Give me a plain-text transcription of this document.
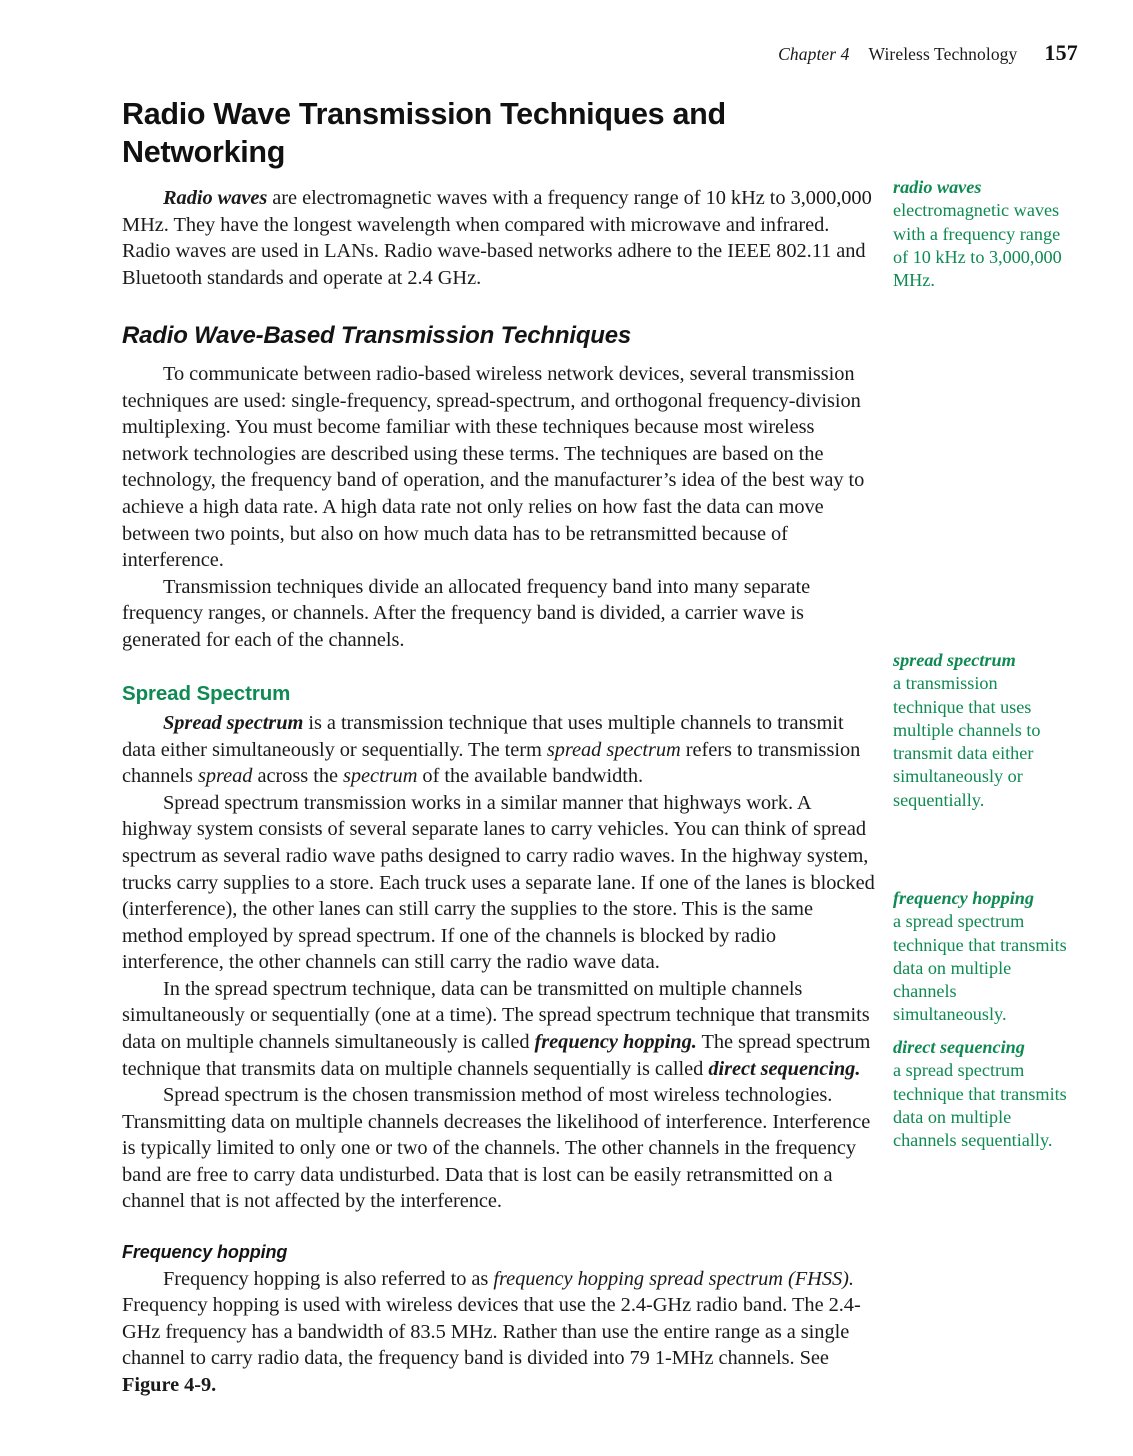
Chapter 4 Wireless Technology 157
Radio Wave Transmission Techniques and Networking

Radio waves are electromagnetic waves with a frequency range of 10 kHz to 3,000,000 MHz. They have the longest wavelength when compared with microwave and infrared. Radio waves are used in LANs. Radio wave-based networks adhere to the IEEE 802.11 and Bluetooth standards and operate at 2.4 GHz.

Radio Wave-Based Transmission Techniques

To communicate between radio-based wireless network devices, several transmission techniques are used: single-frequency, spread-spectrum, and orthogonal frequency-division multiplexing. You must become familiar with these techniques because most wireless network technologies are described using these terms. The techniques are based on the technology, the frequency band of operation, and the manufacturer’s idea of the best way to achieve a high data rate. A high data rate not only relies on how fast the data can move between two points, but also on how much data has to be retransmitted because of interference.

Transmission techniques divide an allocated frequency band into many separate frequency ranges, or channels. After the frequency band is divided, a carrier wave is generated for each of the channels.

Spread Spectrum

Spread spectrum is a transmission technique that uses multiple channels to transmit data either simultaneously or sequentially. The term spread spectrum refers to transmission channels spread across the spectrum of the available bandwidth.

Spread spectrum transmission works in a similar manner that highways work. A highway system consists of several separate lanes to carry vehicles. You can think of spread spectrum as several radio wave paths designed to carry radio waves. In the highway system, trucks carry supplies to a store. Each truck uses a separate lane. If one of the lanes is blocked (interference), the other lanes can still carry the supplies to the store. This is the same method employed by spread spectrum. If one of the channels is blocked by radio interference, the other channels can still carry the radio wave data.

In the spread spectrum technique, data can be transmitted on multiple channels simultaneously or sequentially (one at a time). The spread spectrum technique that transmits data on multiple channels simultaneously is called frequency hopping. The spread spectrum technique that transmits data on multiple channels sequentially is called direct sequencing.

Spread spectrum is the chosen transmission method of most wireless technologies. Transmitting data on multiple channels decreases the likelihood of interference. Interference is typically limited to only one or two of the channels. The other channels in the frequency band are free to carry data undisturbed. Data that is lost can be easily retransmitted on a channel that is not affected by the interference.

Frequency hopping

Frequency hopping is also referred to as frequency hopping spread spectrum (FHSS). Frequency hopping is used with wireless devices that use the 2.4-GHz radio band. The 2.4-GHz frequency has a bandwidth of 83.5 MHz. Rather than use the entire range as a single channel to carry radio data, the frequency band is divided into 79 1-MHz channels. See Figure 4-9.

radio waves
electromagnetic waves with a frequency range of 10 kHz to 3,000,000 MHz.
spread spectrum
a transmission technique that uses multiple channels to transmit data either simultaneously or sequentially.
frequency hopping
a spread spectrum technique that transmits data on multiple channels simultaneously.
direct sequencing
a spread spectrum technique that transmits data on multiple channels sequentially.
